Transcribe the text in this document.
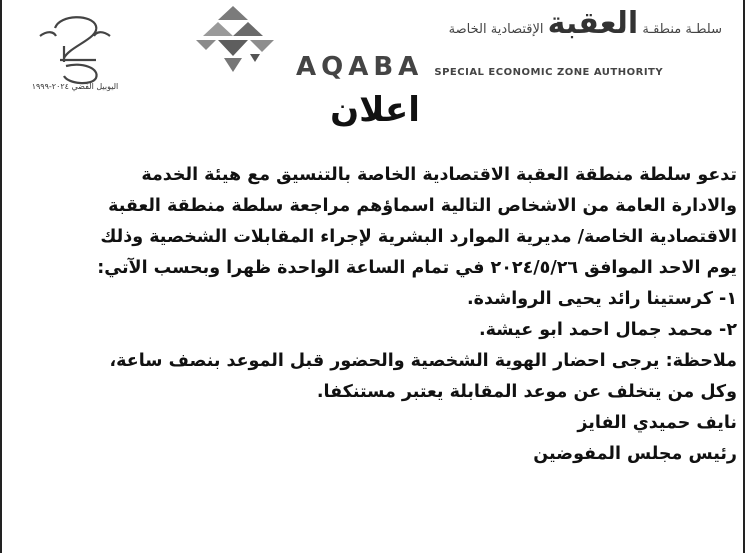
اليوبيل الفضي ٢٠٢٤-١٩٩٩
سلطـة منطقـة العقبة الإقتصادية الخاصة
AQABA SPECIAL ECONOMIC ZONE AUTHORITY
اعلان
تدعو سلطة منطقة العقبة الاقتصادية الخاصة بالتنسيق مع هيئة الخدمة
والادارة العامة من الاشخاص التالية اسماؤهم مراجعة سلطة منطقة العقبة
الاقتصادية الخاصة/ مديرية الموارد البشرية لإجراء المقابلات الشخصية وذلك
يوم الاحد الموافق ٢٠٢٤/٥/٢٦ في تمام الساعة الواحدة ظهرا وبحسب الآتي:
١- كرستينا رائد يحيى الرواشدة.
٢- محمد جمال احمد ابو عيشة.
ملاحظة: يرجى احضار الهوية الشخصية والحضور قبل الموعد بنصف ساعة،
وكل من يتخلف عن موعد المقابلة يعتبر مستنكفا.
نايف حميدي الفايز
رئيس مجلس المفوضين
